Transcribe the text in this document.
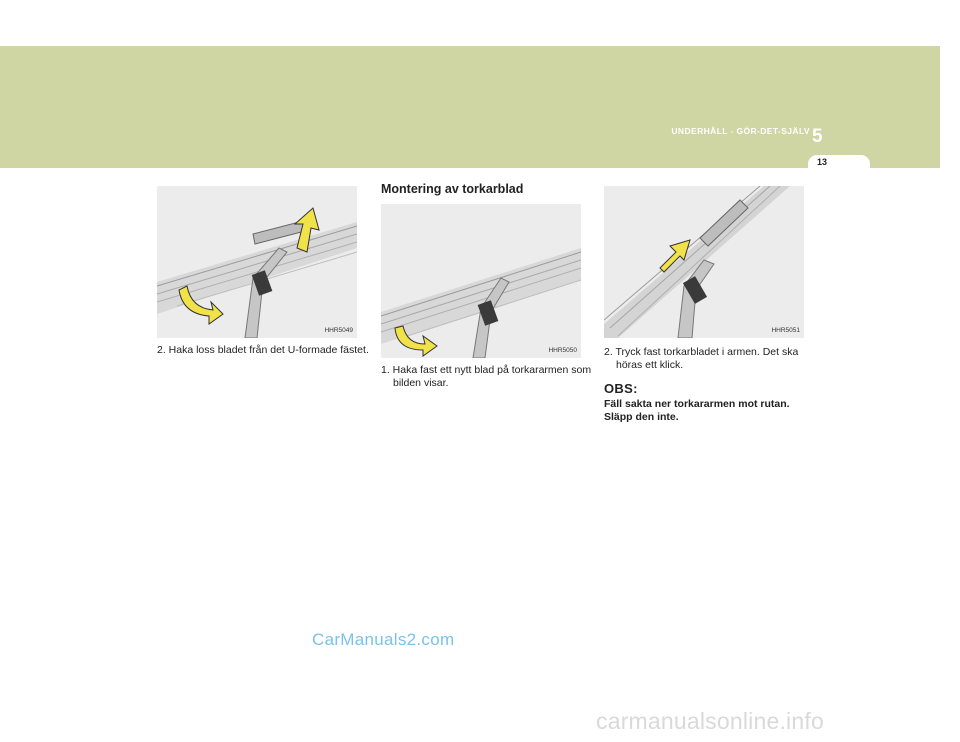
UNDERHÅLL - GÖR-DET-SJÄLV 5
13
HHR5049
2. Haka loss bladet från det U-formade fästet.
Montering av torkarblad
HHR5050
1. Haka fast ett nytt blad på torkararmen som bilden visar.
HHR5051
2. Tryck fast torkarbladet i armen. Det ska höras ett klick.
OBS:
Fäll sakta ner torkararmen mot rutan. Släpp den inte.
CarManuals2.com
carmanualsonline.info
